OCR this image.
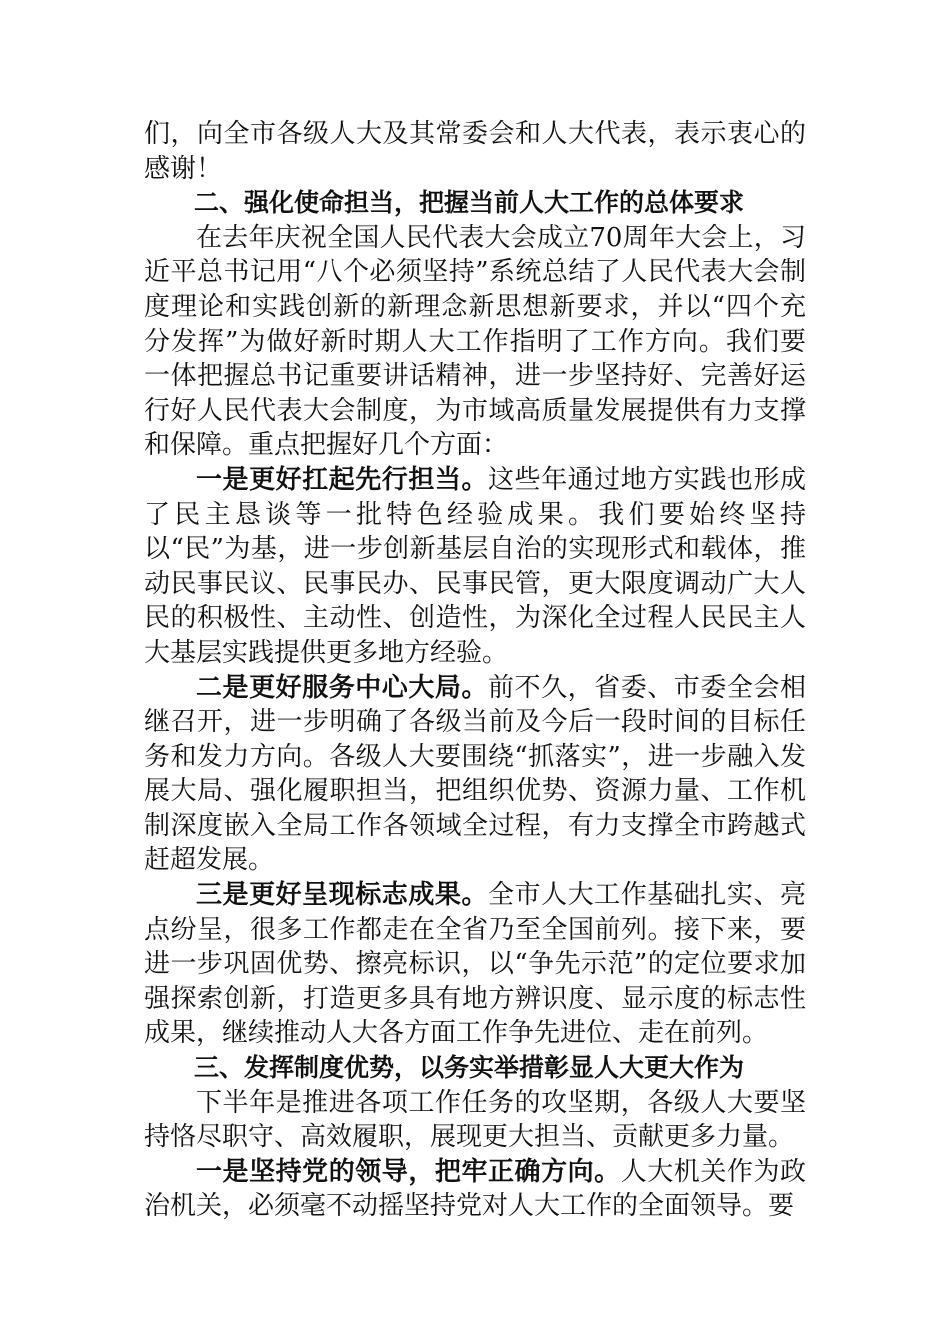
们，向全市各级人大及其常委会和人大代表，表示衷心的感谢！

二、强化使命担当，把握当前人大工作的总体要求

在去年庆祝全国人民代表大会成立70周年大会上，习近平总书记用“八个必须坚持”系统总结了人民代表大会制度理论和实践创新的新理念新思想新要求，并以“四个充分发挥”为做好新时期人大工作指明了工作方向。我们要一体把握总书记重要讲话精神，进一步坚持好、完善好运行好人民代表大会制度，为市域高质量发展提供有力支撑和保障。重点把握好几个方面：

一是更好扛起先行担当。这些年通过地方实践也形成了民主恳谈等一批特色经验成果。我们要始终坚持以“民”为基，进一步创新基层自治的实现形式和载体，推动民事民议、民事民办、民事民管，更大限度调动广大人民的积极性、主动性、创造性，为深化全过程人民民主人大基层实践提供更多地方经验。

二是更好服务中心大局。前不久，省委、市委全会相继召开，进一步明确了各级当前及今后一段时间的目标任务和发力方向。各级人大要围绕“抓落实”，进一步融入发展大局、强化履职担当，把组织优势、资源力量、工作机制深度嵌入全局工作各领域全过程，有力支撑全市跨越式赶超发展。

三是更好呈现标志成果。全市人大工作基础扎实、亮点纷呈，很多工作都走在全省乃至全国前列。接下来，要进一步巩固优势、擦亮标识，以“争先示范”的定位要求加强探索创新，打造更多具有地方辨识度、显示度的标志性成果，继续推动人大各方面工作争先进位、走在前列。

三、发挥制度优势，以务实举措彰显人大更大作为

下半年是推进各项工作任务的攻坚期，各级人大要坚持恪尽职守、高效履职，展现更大担当、贡献更多力量。

一是坚持党的领导，把牢正确方向。人大机关作为政治机关，必须毫不动摇坚持党对人大工作的全面领导。要
